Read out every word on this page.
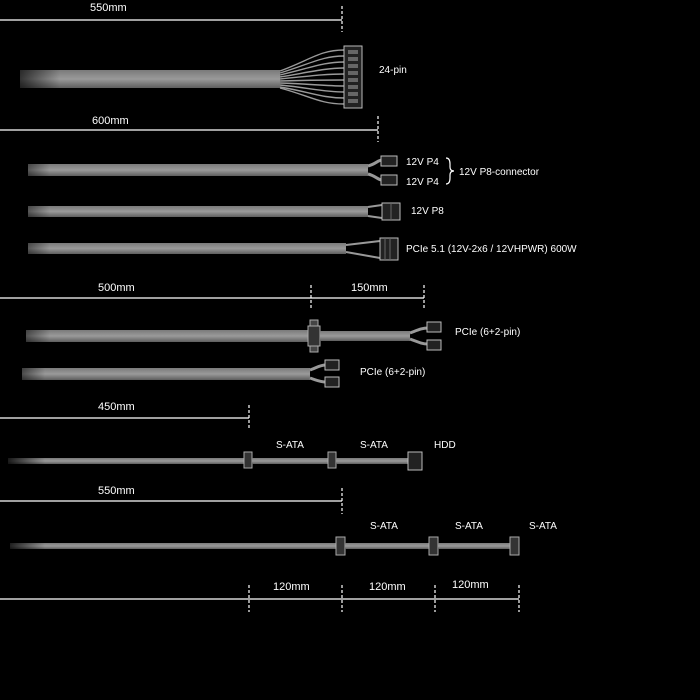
550mm
24-pin
600mm
12V P4
12V P4
12V P8-connector
12V P8
PCIe 5.1 (12V-2x6 / 12VHPWR) 600W
500mm	150mm
PCIe (6+2-pin)
PCIe (6+2-pin)
450mm
S-ATA	S-ATA	HDD
550mm
S-ATA	S-ATA	S-ATA
120mm	120mm	120mm
